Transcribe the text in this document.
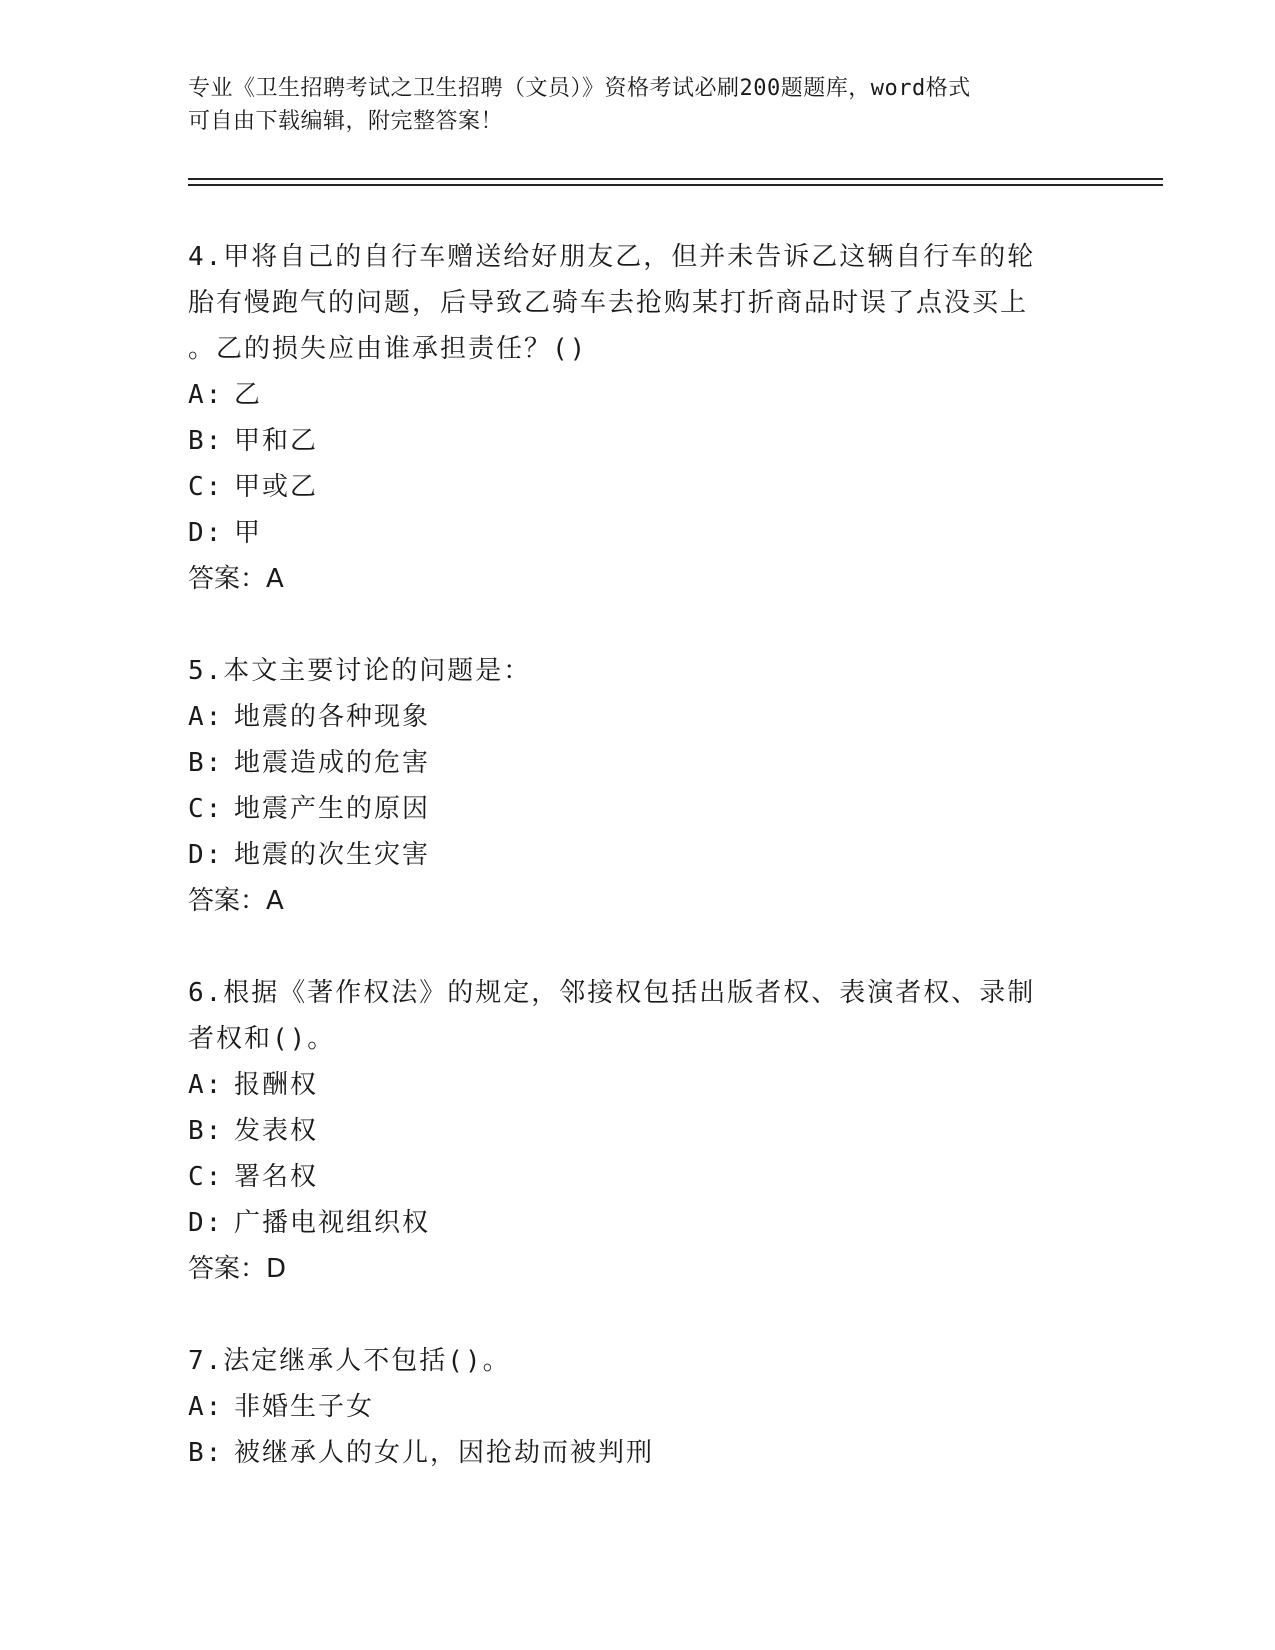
专业《卫生招聘考试之卫生招聘（文员）》资格考试必刷200题题库，word格式
可自由下载编辑，附完整答案！

4.甲将自己的自行车赠送给好朋友乙，但并未告诉乙这辆自行车的轮

胎有慢跑气的问题，后导致乙骑车去抢购某打折商品时误了点没买上

。乙的损失应由谁承担责任？()

A: 乙

B: 甲和乙

C: 甲或乙

D: 甲

答案：A

5.本文主要讨论的问题是：

A: 地震的各种现象

B: 地震造成的危害

C: 地震产生的原因

D: 地震的次生灾害

答案：A

6.根据《著作权法》的规定，邻接权包括出版者权、表演者权、录制

者权和()。

A: 报酬权

B: 发表权

C: 署名权

D: 广播电视组织权

答案：D

7.法定继承人不包括()。

A: 非婚生子女

B: 被继承人的女儿，因抢劫而被判刑
